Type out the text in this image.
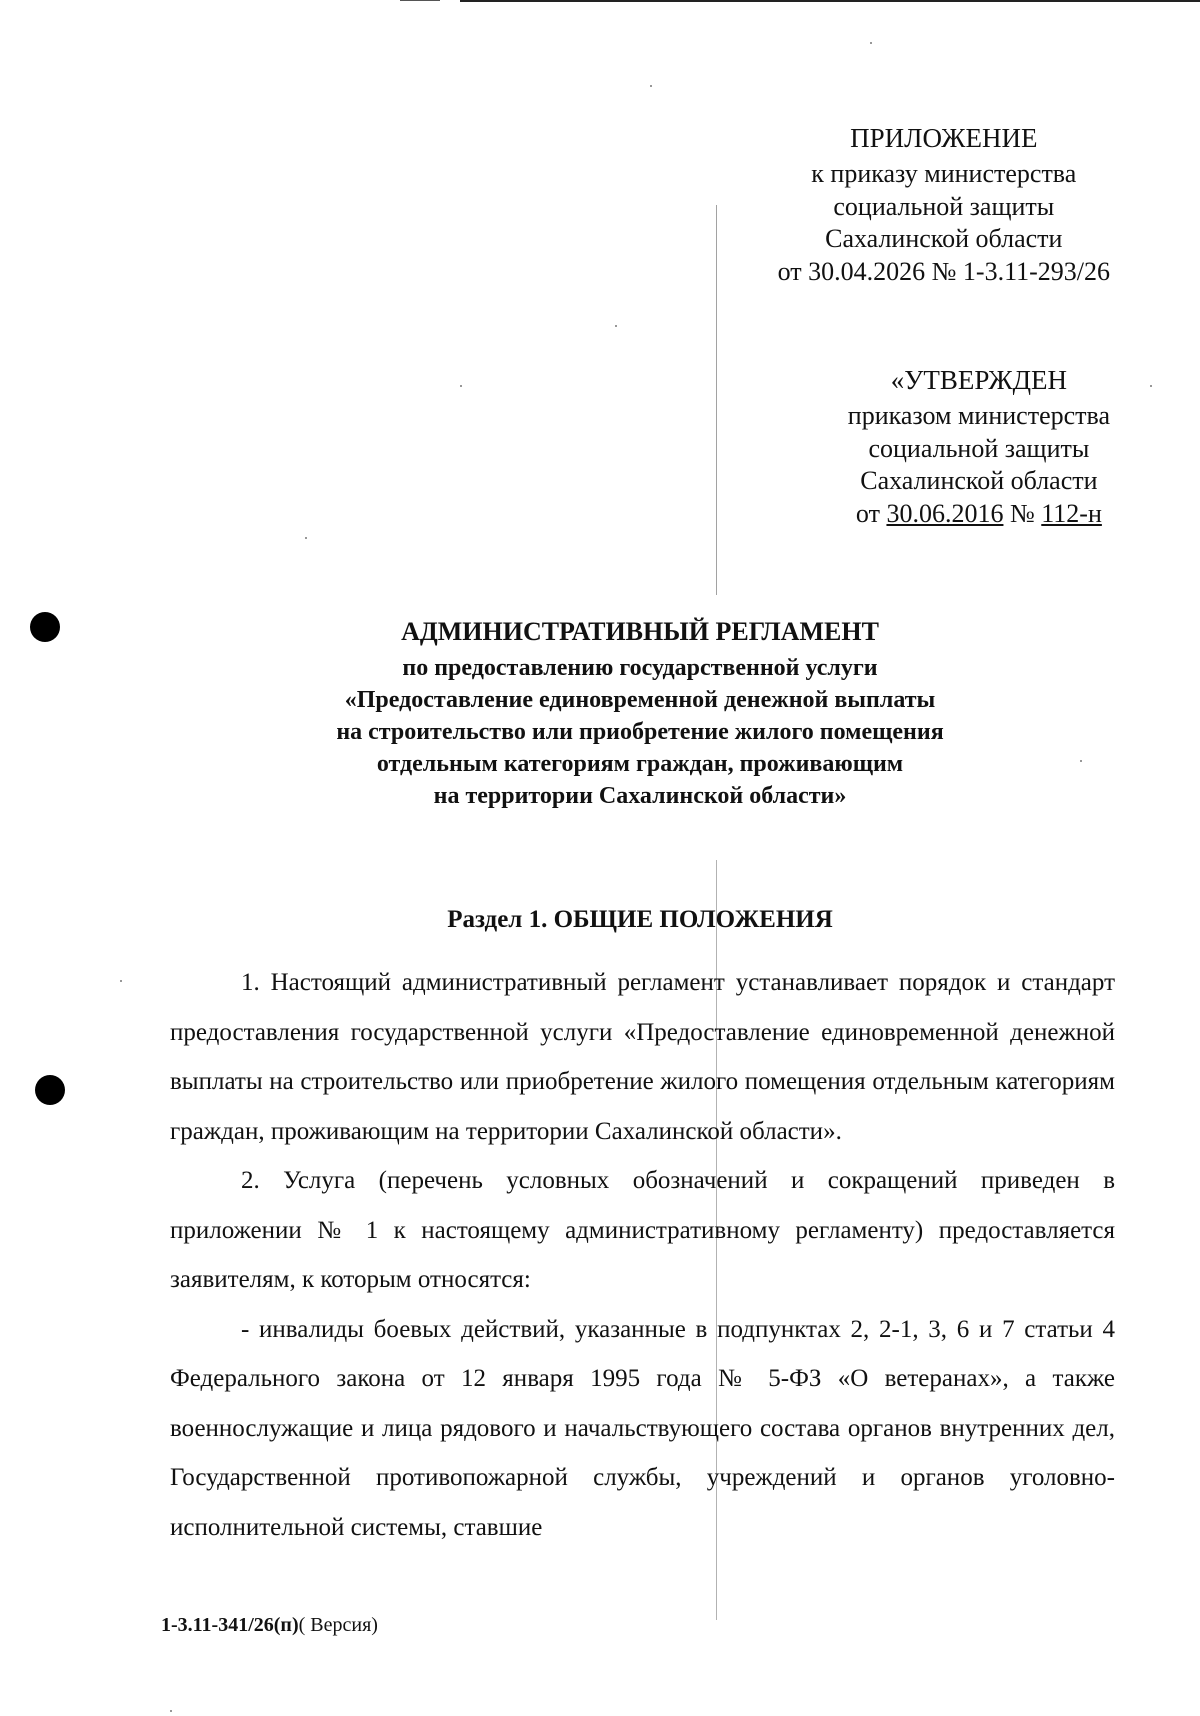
ПРИЛОЖЕНИЕ
к приказу министерства
социальной защиты
Сахалинской области
от 30.04.2026 № 1-3.11-293/26
«УТВЕРЖДЕН
приказом министерства
социальной защиты
Сахалинской области
от 30.06.2016 № 112-н
АДМИНИСТРАТИВНЫЙ РЕГЛАМЕНТ
по предоставлению государственной услуги
«Предоставление единовременной денежной выплаты
на строительство или приобретение жилого помещения
отдельным категориям граждан, проживающим
на территории Сахалинской области»
Раздел 1. ОБЩИЕ ПОЛОЖЕНИЯ

1. Настоящий административный регламент устанавливает порядок и стандарт предоставления государственной услуги «Предоставление единовременной денежной выплаты на строительство или приобретение жилого помещения отдельным категориям граждан, проживающим на территории Сахалинской области».

2. Услуга (перечень условных обозначений и сокращений приведен в приложении № 1 к настоящему административному регламенту) предоставляется заявителям, к которым относятся:

- инвалиды боевых действий, указанные в подпунктах 2, 2-1, 3, 6 и 7 статьи 4 Федерального закона от 12 января 1995 года № 5-ФЗ «О ветеранах», а также военнослужащие и лица рядового и начальствующего состава органов внутренних дел, Государственной противопожарной службы, учреждений и органов уголовно-исполнительной системы, ставшие

1-3.11-341/26(п)( Версия)
